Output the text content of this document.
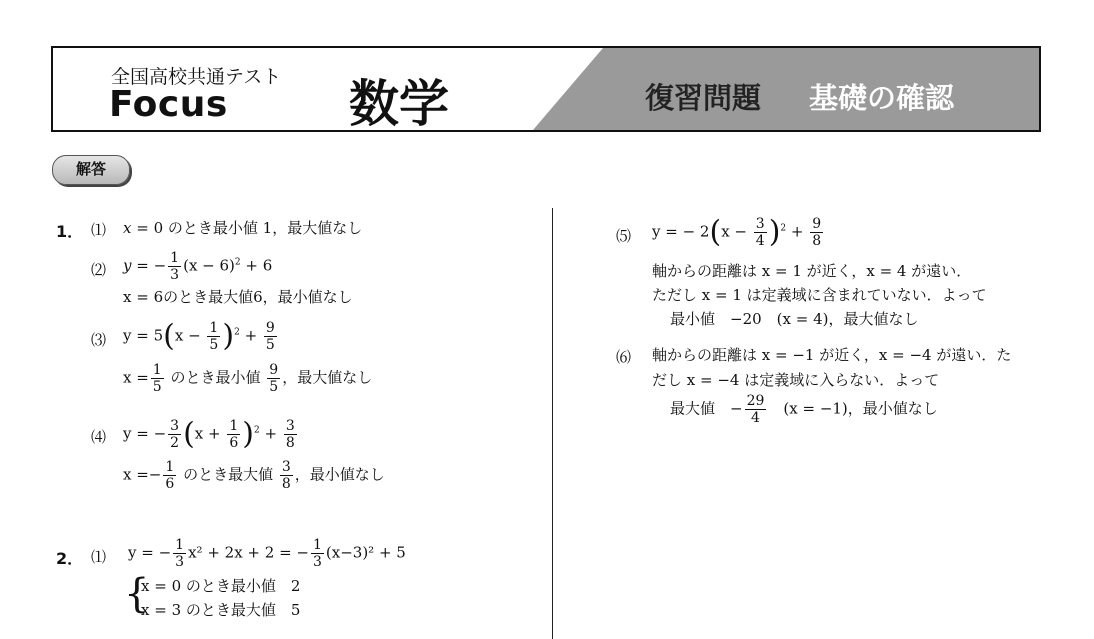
全国高校共通テスト
Focus 数学	復習問題 基礎の確認
解答
1． ⑴ x = 0 のとき最小値 1，最大値なし
⑵ y = − $\frac{1}{3} (x - 6)^2 + 6$
x = 6のとき最大値6，最小値なし
⑶ $y = 5(x - \frac{1}{5} )^2 + \frac{9}{5}$
$x = \frac{1}{5}$ のとき最小値 $\frac{9}{5}$ ，最大値なし
⑷ y = − $\frac{3}{2} (x + \frac{1}{6} )^2 + \frac{3}{8}$
$x =- \frac{1}{6}$ のとき最大値 $\frac{3}{8}$ ，最小値なし
2． ⑴ y = − $\frac{1}{3} x^2 + 2x + 2$ = − $\frac{1}{3} (x-3)^2 + 5$
{
x = 0 のとき最小値　2
x = 3 のとき最大値　5
⑸ y = − $2(x - \frac{3}{4} )^2 + \frac{9}{8}$
軸からの距離は x = 1 が近く，x = 4 が遠い．
ただし x = 1 は定義域に含まれていない．よって
最小値　−20　(x = 4)，最大値なし
⑹ 軸からの距離は x = −1 が近く，x = −4 が遠い．た
だし x = −4 は定義域に入らない．よって
最大値　− $\frac{29}{4}$ 　(x = −1)，最小値なし
